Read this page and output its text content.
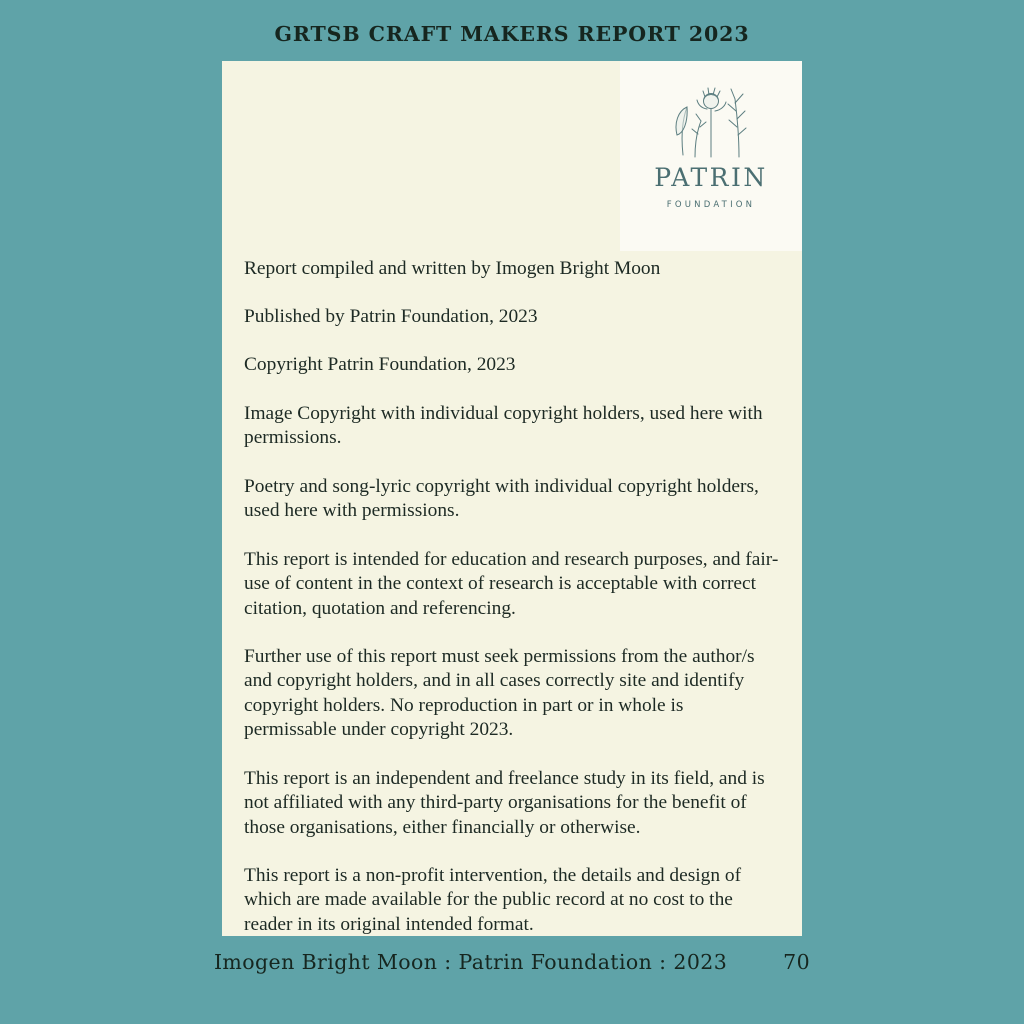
GRTSB CRAFT MAKERS REPORT 2023
PATRIN
FOUNDATION

Report compiled and written by Imogen Bright Moon

Published by Patrin Foundation, 2023

Copyright Patrin Foundation, 2023

Image Copyright with individual copyright holders, used here with permissions.

Poetry and song-lyric copyright with individual copyright holders, used here with permissions.

This report is intended for education and research purposes, and fair-use of content in the context of research is acceptable with correct citation, quotation and referencing.

Further use of this report must seek permissions from the author/s and copyright holders, and in all cases correctly site and identify copyright holders. No reproduction in part or in whole is permissable under copyright 2023.

This report is an independent and freelance study in its field, and is not affiliated with any third-party organisations for the benefit of those organisations, either financially or otherwise.

This report is a non-profit intervention, the details and design of which are made available for the public record at no cost to the reader in its original intended format.

Imogen Bright Moon : Patrin Foundation : 2023	70
